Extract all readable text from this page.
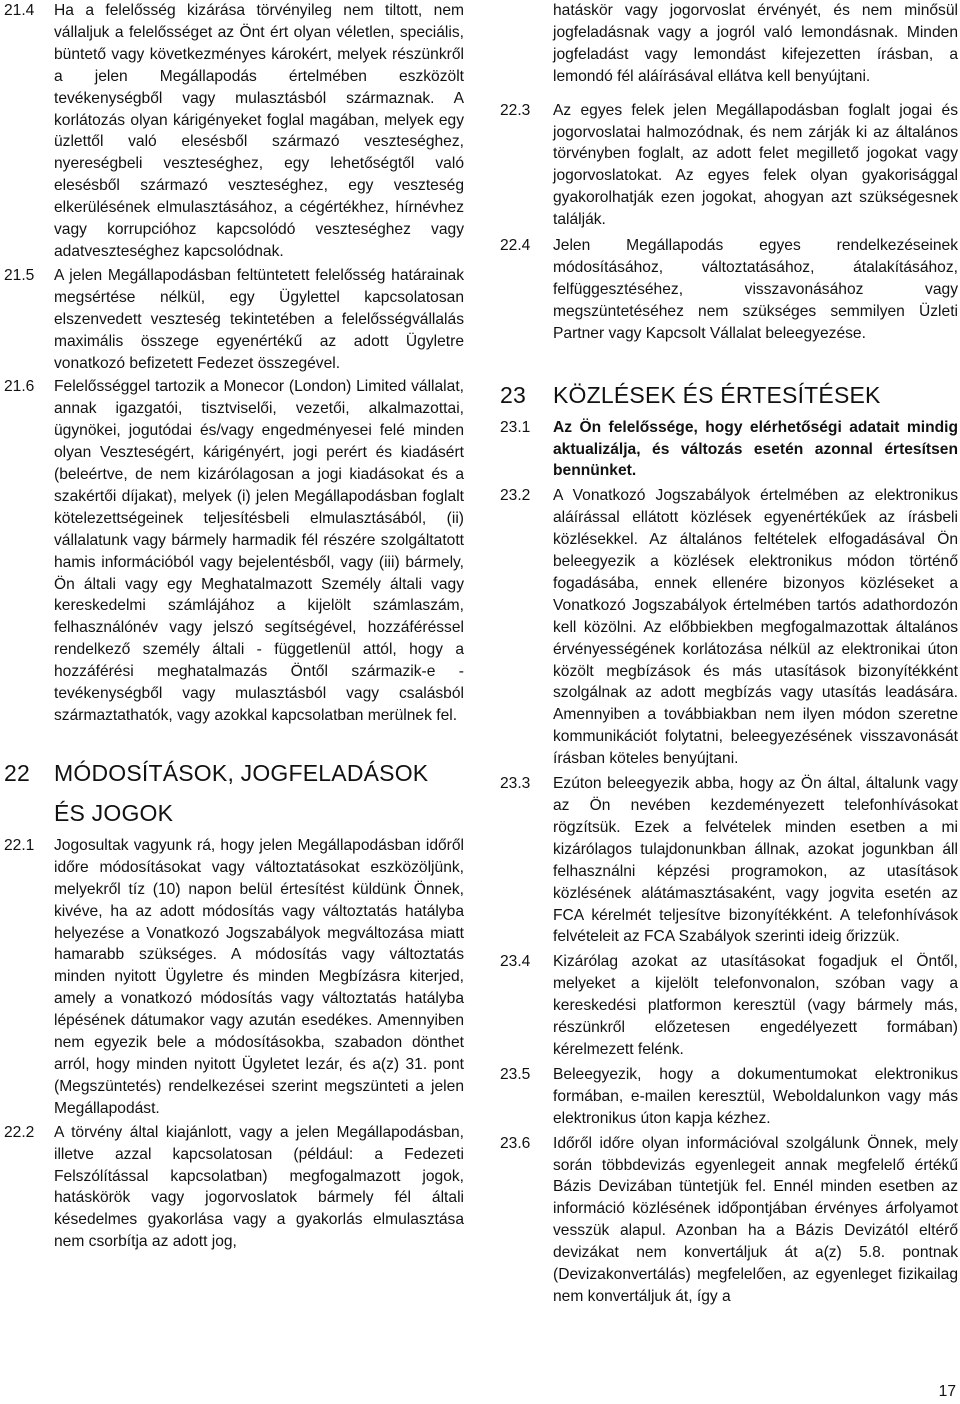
21.4	Ha a felelősség kizárása törvényileg nem tiltott, nem vállaljuk a felelősséget az Önt ért olyan véletlen, speciális, büntető vagy következményes károkért, melyek részünkről a jelen Megállapodás értelmében eszközölt tevékenységből vagy mulasztásból származnak. A korlátozás olyan kárigényeket foglal magában, melyek egy üzlettől való elesésből származó veszteséghez, nyereségbeli veszteséghez, egy lehetőségtől való elesésből származó veszteséghez, egy veszteség elkerülésének elmulasztásához, a cégértékhez, hírnévhez vagy korrupcióhoz kapcsolódó veszteséghez vagy adatveszteséghez kapcsolódnak.
21.5	A jelen Megállapodásban feltüntetett felelősség határainak megsértése nélkül, egy Ügylettel kapcsolatosan elszenvedett veszteség tekintetében a felelősségvállalás maximális összege egyenértékű az adott Ügyletre vonatkozó befizetett Fedezet összegével.
21.6	Felelősséggel tartozik a Monecor (London) Limited vállalat, annak igazgatói, tisztviselői, vezetői, alkalmazottai, ügynökei, jogutódai és/vagy engedményesei felé minden olyan Veszteségért, kárigényért, jogi perért és kiadásért (beleértve, de nem kizárólagosan a jogi kiadásokat és a szakértői díjakat), melyek (i) jelen Megállapodásban foglalt kötelezettségeinek teljesítésbeli elmulasztásából, (ii) vállalatunk vagy bármely harmadik fél részére szolgáltatott hamis információból vagy bejelentésből, vagy (iii) bármely, Ön általi vagy egy Meghatalmazott Személy általi vagy kereskedelmi számlájához a kijelölt számlaszám, felhasználónév vagy jelszó segítségével, hozzáféréssel rendelkező személy általi - függetlenül attól, hogy a hozzáférési meghatalmazás Öntől származik-e - tevékenységből vagy mulasztásból vagy csalásból származtathatók, vagy azokkal kapcsolatban merülnek fel.
22	MÓDOSÍTÁSOK, JOGFELADÁSOK
ÉS JOGOK
22.1	Jogosultak vagyunk rá, hogy jelen Megállapodásban időről időre módosításokat vagy változtatásokat eszközöljünk, melyekről tíz (10) napon belül értesítést küldünk Önnek, kivéve, ha az adott módosítás vagy változtatás hatályba helyezése a Vonatkozó Jogszabályok megváltozása miatt hamarabb szükséges. A módosítás vagy változtatás minden nyitott Ügyletre és minden Megbízásra kiterjed, amely a vonatkozó módosítás vagy változtatás hatályba lépésének dátumakor vagy azután esedékes. Amennyiben nem egyezik bele a módosításokba, szabadon dönthet arról, hogy minden nyitott Ügyletet lezár, és a(z) 31. pont (Megszüntetés) rendelkezései szerint megszünteti a jelen Megállapodást.
22.2	A törvény által kiajánlott, vagy a jelen Megállapodásban, illetve azzal kapcsolatosan (például: a Fedezeti Felszólítással kapcsolatban) megfogalmazott jogok, hatáskörök vagy jogorvoslatok bármely fél általi késedelmes gyakorlása vagy a gyakorlás elmulasztása nem csorbítja az adott jog,
hatáskör vagy jogorvoslat érvényét, és nem minősül jogfeladásnak vagy a jogról való lemondásnak. Minden jogfeladást vagy lemondást kifejezetten írásban, a lemondó fél aláírásával ellátva kell benyújtani.
22.3	Az egyes felek jelen Megállapodásban foglalt jogai és jogorvoslatai halmozódnak, és nem zárják ki az általános törvényben foglalt, az adott felet megillető jogokat vagy jogorvoslatokat. Az egyes felek olyan gyakorisággal gyakorolhatják ezen jogokat, ahogyan azt szükségesnek találják.
22.4	Jelen Megállapodás egyes rendelkezéseinek módosításához, változtatásához, átalakításához, felfüggesztéséhez, visszavonásához vagy megszüntetéséhez nem szükséges semmilyen Üzleti Partner vagy Kapcsolt Vállalat beleegyezése.
23	KÖZLÉSEK ÉS ÉRTESÍTÉSEK
23.1	Az Ön felelőssége, hogy elérhetőségi adatait mindig aktualizálja, és változás esetén azonnal értesítsen bennünket.
23.2	A Vonatkozó Jogszabályok értelmében az elektronikus aláírással ellátott közlések egyenértékűek az írásbeli közlésekkel. Az általános feltételek elfogadásával Ön beleegyezik a közlések elektronikus módon történő fogadásába, ennek ellenére bizonyos közléseket a Vonatkozó Jogszabályok értelmében tartós adathordozón kell közölni. Az előbbiekben megfogalmazottak általános érvényességének korlátozása nélkül az elektronikai úton közölt megbízások és más utasítások bizonyítékként szolgálnak az adott megbízás vagy utasítás leadására. Amennyiben a továbbiakban nem ilyen módon szeretne kommunikációt folytatni, beleegyezésének visszavonását írásban köteles benyújtani.
23.3	Ezúton beleegyezik abba, hogy az Ön által, általunk vagy az Ön nevében kezdeményezett telefonhívásokat rögzítsük. Ezek a felvételek minden esetben a mi kizárólagos tulajdonunkban állnak, azokat jogunkban áll felhasználni képzési programokon, az utasítások közlésének alátámasztásaként, vagy jogvita esetén az FCA kérelmét teljesítve bizonyítékként. A telefonhívások felvételeit az FCA Szabályok szerinti ideig őrizzük.
23.4	Kizárólag azokat az utasításokat fogadjuk el Öntől, melyeket a kijelölt telefonvonalon, szóban vagy a kereskedési platformon keresztül (vagy bármely más, részünkről előzetesen engedélyezett formában) kérelmezett felénk.
23.5	Beleegyezik, hogy a dokumentumokat elektronikus formában, e-mailen keresztül, Weboldalunkon vagy más elektronikus úton kapja kézhez.
23.6	Időről időre olyan információval szolgálunk Önnek, mely során többdevizás egyenlegeit annak megfelelő értékű Bázis Devizában tüntetjük fel. Ennél minden esetben az információ közlésének időpontjában érvényes árfolyamot vesszük alapul. Azonban ha a Bázis Devizától eltérő devizákat nem konvertáljuk át a(z) 5.8. pontnak (Devizakonvertálás) megfelelően, az egyenleget fizikailag nem konvertáljuk át, így a
17
